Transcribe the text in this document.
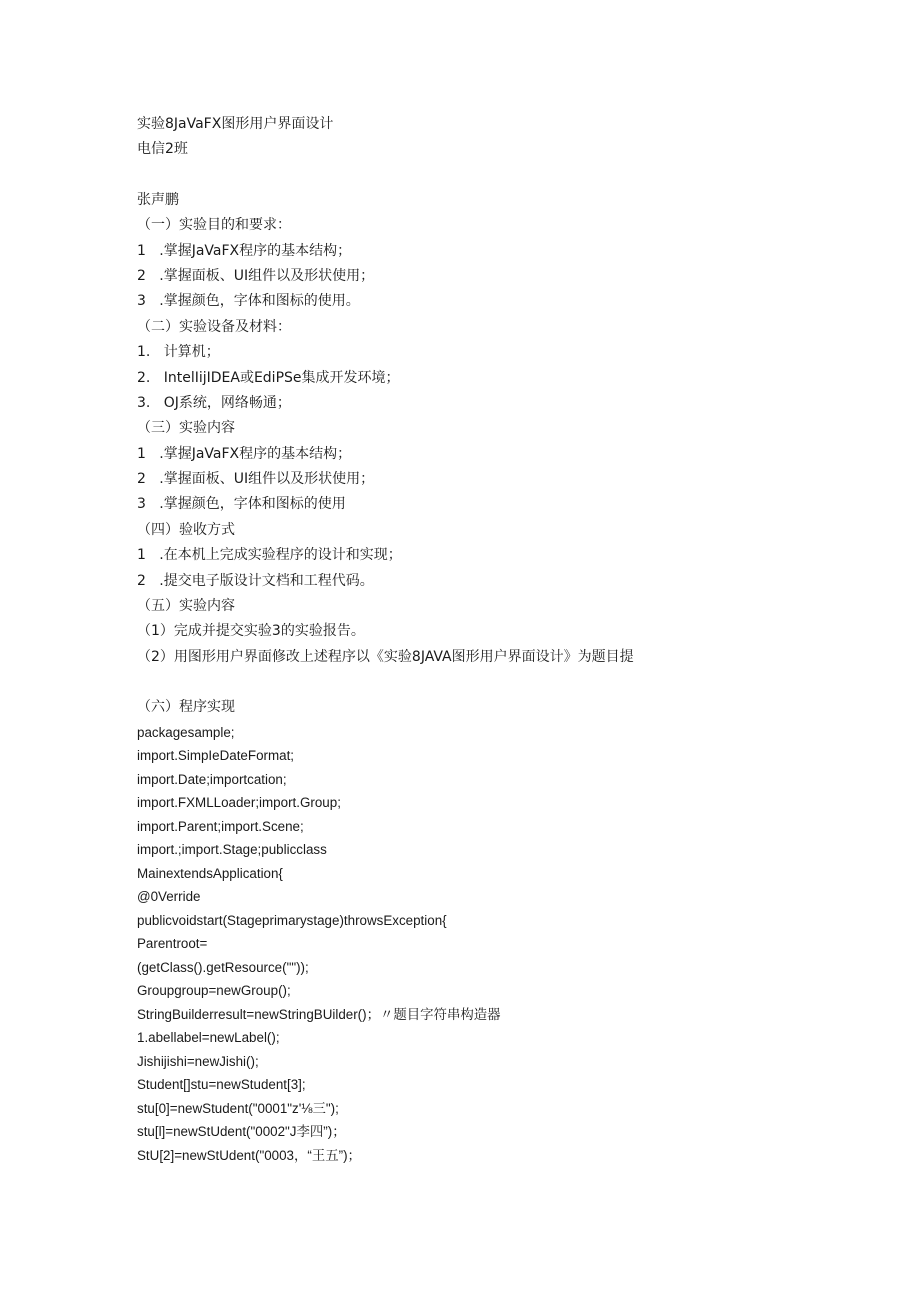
实验8JaVaFX图形用户界面设计
电信2班
张声鹏
（一）实验目的和要求：
1   .掌握JaVaFX程序的基本结构；
2   .掌握面板、UI组件以及形状使用；
3   .掌握颜色，字体和图标的使用。
（二）实验设备及材料：
1.   计算机；
2.   IntelIijIDEA或EdiPSe集成开发环境；
3.   OJ系统，网络畅通；
（三）实验内容
1   .掌握JaVaFX程序的基本结构；
2   .掌握面板、UI组件以及形状使用；
3   .掌握颜色，字体和图标的使用
（四）验收方式
1   .在本机上完成实验程序的设计和实现；
2   .提交电子版设计文档和工程代码。
（五）实验内容
（1）完成并提交实验3的实验报告。
（2）用图形用户界面修改上述程序以《实验8JAVA图形用户界面设计》为题目提
（六）程序实现
packagesample;
import.SimpIeDateFormat;
import.Date;importcation;
import.FXMLLoader;import.Group;
import.Parent;import.Scene;
import.;import.Stage;publicclass
MainextendsApplication{
@0Verride
publicvoidstart(Stageprimarystage)throwsException{
Parentroot=
(getClass().getResource(""));
Groupgroup=newGroup();
StringBuilderresult=newStringBUilder()；〃题目字符串构造器
1.abellabel=newLabel();
Jishijishi=newJishi();
Student[]stu=newStudent[3];
stu[0]=newStudent("0001"z'⅛三");
stu[l]=newStUdent("0002"J李四”)；
StU[2]=newStUdent("0003，“王五”)；
